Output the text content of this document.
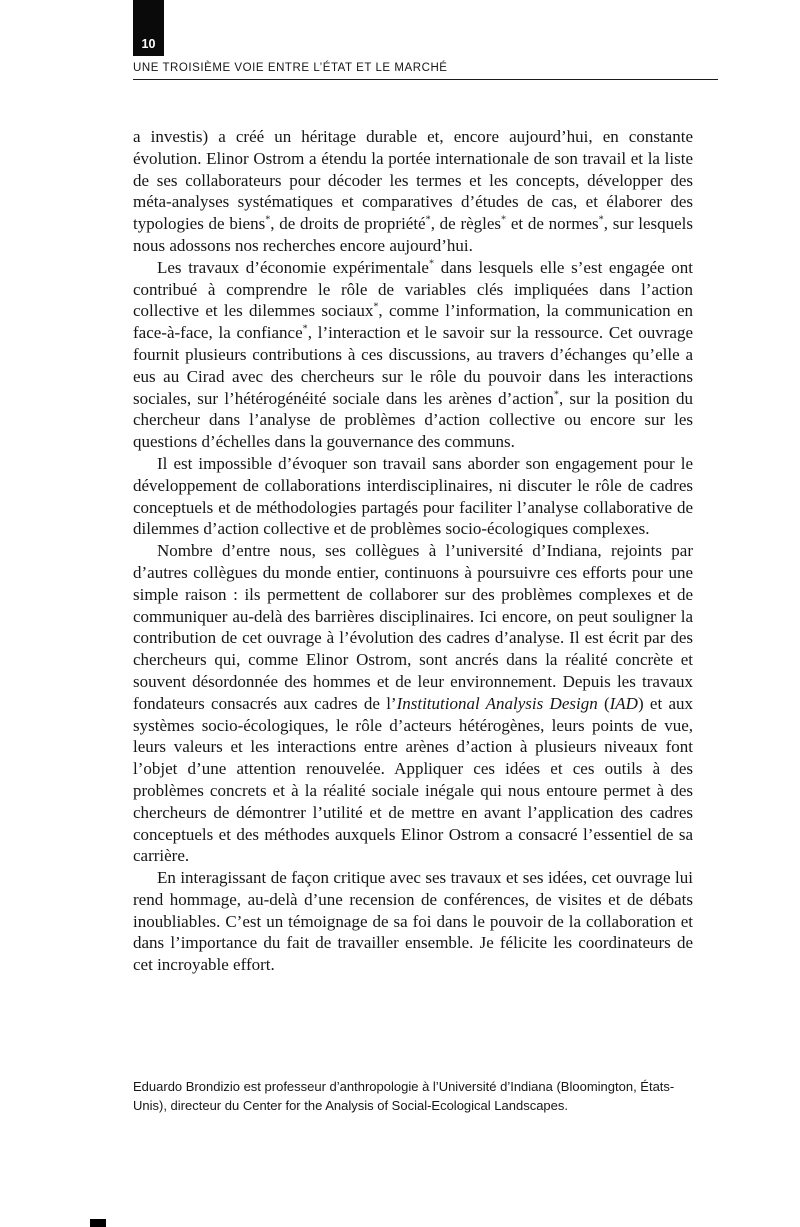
10
UNE TROISIÈME VOIE ENTRE L’ÉTAT ET LE MARCHÉ

a investis) a créé un héritage durable et, encore aujourd’hui, en constante évolution. Elinor Ostrom a étendu la portée internationale de son travail et la liste de ses collaborateurs pour décoder les termes et les concepts, développer des méta-analyses systématiques et comparatives d’études de cas, et élaborer des typologies de biens*, de droits de propriété*, de règles* et de normes*, sur lesquels nous adossons nos recherches encore aujourd’hui.

Les travaux d’économie expérimentale* dans lesquels elle s’est engagée ont contribué à comprendre le rôle de variables clés impliquées dans l’action collective et les dilemmes sociaux*, comme l’information, la communication en face-à-face, la confiance*, l’interaction et le savoir sur la ressource. Cet ouvrage fournit plusieurs contributions à ces discussions, au travers d’échanges qu’elle a eus au Cirad avec des chercheurs sur le rôle du pouvoir dans les interactions sociales, sur l’hétérogénéité sociale dans les arènes d’action*, sur la position du chercheur dans l’analyse de problèmes d’action collective ou encore sur les questions d’échelles dans la gouvernance des communs.

Il est impossible d’évoquer son travail sans aborder son engagement pour le développement de collaborations interdisciplinaires, ni discuter le rôle de cadres conceptuels et de méthodologies partagés pour faciliter l’analyse collaborative de dilemmes d’action collective et de problèmes socio-écologiques complexes.

Nombre d’entre nous, ses collègues à l’université d’Indiana, rejoints par d’autres collègues du monde entier, continuons à poursuivre ces efforts pour une simple raison : ils permettent de collaborer sur des problèmes complexes et de communiquer au-delà des barrières disciplinaires. Ici encore, on peut souligner la contribution de cet ouvrage à l’évolution des cadres d’analyse. Il est écrit par des chercheurs qui, comme Elinor Ostrom, sont ancrés dans la réalité concrète et souvent désordonnée des hommes et de leur environnement. Depuis les travaux fondateurs consacrés aux cadres de l’Institutional Analysis Design (IAD) et aux systèmes socio-écologiques, le rôle d’acteurs hétérogènes, leurs points de vue, leurs valeurs et les interactions entre arènes d’action à plusieurs niveaux font l’objet d’une attention renouvelée. Appliquer ces idées et ces outils à des problèmes concrets et à la réalité sociale inégale qui nous entoure permet à des chercheurs de démontrer l’utilité et de mettre en avant l’application des cadres conceptuels et des méthodes auxquels Elinor Ostrom a consacré l’essentiel de sa carrière.

En interagissant de façon critique avec ses travaux et ses idées, cet ouvrage lui rend hommage, au-delà d’une recension de conférences, de visites et de débats inoubliables. C’est un témoignage de sa foi dans le pouvoir de la collaboration et dans l’importance du fait de travailler ensemble. Je félicite les coordinateurs de cet incroyable effort.

Eduardo Brondizio est professeur d’anthropologie à l’Université d’Indiana (Bloomington, États-Unis), directeur du Center for the Analysis of Social-Ecological Landscapes.
